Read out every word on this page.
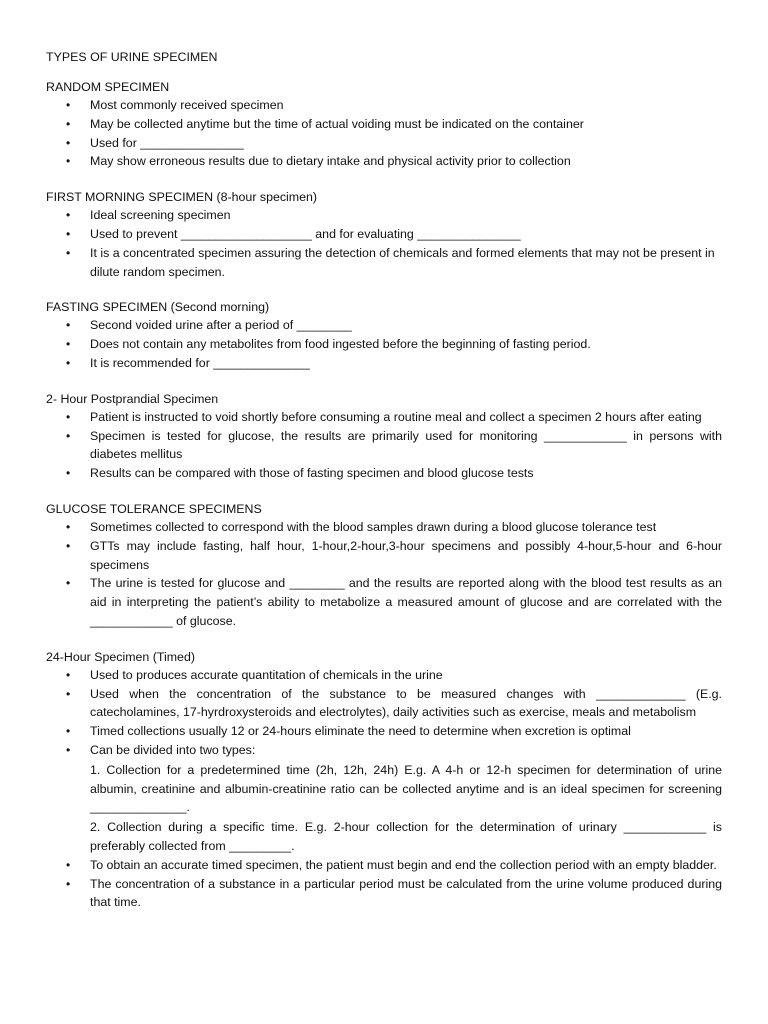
TYPES OF URINE SPECIMEN
RANDOM SPECIMEN
• Most commonly received specimen
• May be collected anytime but the time of actual voiding must be indicated on the container
• Used for _______________
• May show erroneous results due to dietary intake and physical activity prior to collection
FIRST MORNING SPECIMEN (8-hour specimen)
• Ideal screening specimen
• Used to prevent ___________________ and for evaluating _______________
• It is a concentrated specimen assuring the detection of chemicals and formed elements that may not be present in dilute random specimen.
FASTING SPECIMEN (Second morning)
• Second voided urine after a period of ________
• Does not contain any metabolites from food ingested before the beginning of fasting period.
• It is recommended for ______________
2- Hour Postprandial Specimen
• Patient is instructed to void shortly before consuming a routine meal and collect a specimen 2 hours after eating
• Specimen is tested for glucose, the results are primarily used for monitoring ____________ in persons with diabetes mellitus
• Results can be compared with those of fasting specimen and blood glucose tests
GLUCOSE TOLERANCE SPECIMENS
• Sometimes collected to correspond with the blood samples drawn during a blood glucose tolerance test
• GTTs may include fasting, half hour, 1-hour,2-hour,3-hour specimens and possibly 4-hour,5-hour and 6-hour specimens
• The urine is tested for glucose and ________ and the results are reported along with the blood test results as an aid in interpreting the patient’s ability to metabolize a measured amount of glucose and are correlated with the ____________ of glucose.
24-Hour Specimen (Timed)
• Used to produces accurate quantitation of chemicals in the urine
• Used when the concentration of the substance to be measured changes with _____________ (E.g. catecholamines, 17-hyrdroxysteroids and electrolytes), daily activities such as exercise, meals and metabolism
• Timed collections usually 12 or 24-hours eliminate the need to determine when excretion is optimal
• Can be divided into two types:
1. Collection for a predetermined time (2h, 12h, 24h) E.g. A 4-h or 12-h specimen for determination of urine albumin, creatinine and albumin-creatinine ratio can be collected anytime and is an ideal specimen for screening ______________.
2. Collection during a specific time. E.g. 2-hour collection for the determination of urinary ____________ is preferably collected from _________.
• To obtain an accurate timed specimen, the patient must begin and end the collection period with an empty bladder.
• The concentration of a substance in a particular period must be calculated from the urine volume produced during that time.
